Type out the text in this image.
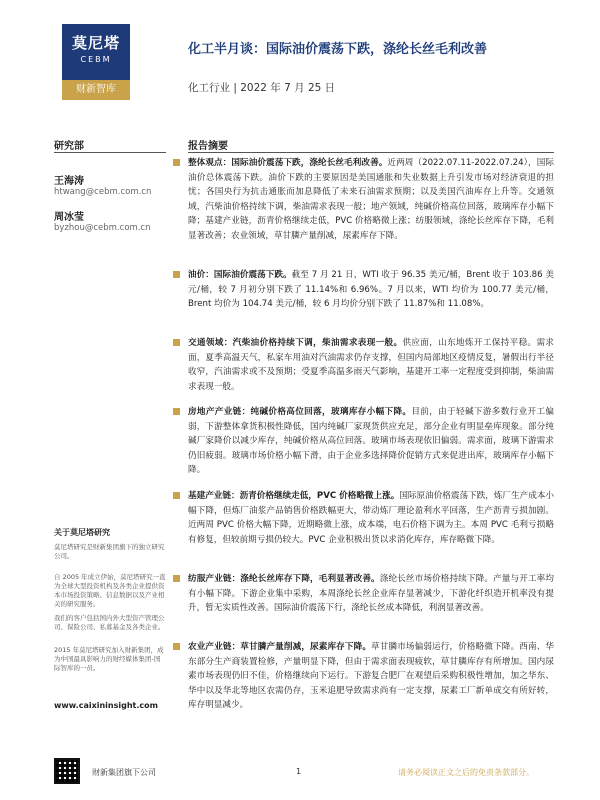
莫尼塔
CEBM
财新智库
化工半月谈：国际油价震荡下跌，涤纶长丝毛利改善
化工行业 | 2022 年 7 月 25 日
研究部	报告摘要
王海涛
htwang@cebm.com.cn
周冰莹
byzhou@cebm.com.cn
关于莫尼塔研究
莫尼塔研究是财新集团旗下的独立研究公司。
自 2005 年成立伊始，莫尼塔研究一直为全球大型投资机构及各类企业提供资本市场投资策略、信息数据以及产业相关的研究服务。
我们的客户包括国内外大型资产管理公司、保险公司、私募基金及各类企业。
2015 年莫尼塔研究加入财新集团，成为中国最具影响力的财经媒体集团-国际智库的一员。
www.caixininsight.com
整体观点：国际油价震荡下跌，涤纶长丝毛利改善。近两周（2022.07.11-2022.07.24），国际油价总体震荡下跌。油价下跌的主要原因是美国通胀和失业数据上升引发市场对经济衰退的担忧；各国央行为抗击通胀而加息降低了未来石油需求预期；以及美国汽油库存上升等。交通领域，汽柴油价格持续下调，柴油需求表现一般；地产领域，纯碱价格高位回落，玻璃库存小幅下降；基建产业链，沥青价格继续走低，PVC 价格略微上涨；纺服领域，涤纶长丝库存下降，毛利显著改善；农业领域，草甘膦产量削减，尿素库存下降。
油价：国际油价震荡下跌。截至 7 月 21 日，WTI 收于 96.35 美元/桶，Brent 收于 103.86 美元/桶，较 7 月初分别下跌了 11.14%和 6.96%。7 月以来，WTI 均价为 100.77 美元/桶，Brent 均价为 104.74 美元/桶，较 6 月均价分别下跌了 11.87%和 11.08%。
交通领域：汽柴油价格持续下调，柴油需求表现一般。供应面，山东地炼开工保持平稳。需求面，夏季高温天气，私家车用油对汽油需求仍存支撑，但国内局部地区疫情反复，暑假出行半径收窄，汽油需求或不及预期；受夏季高温多雨天气影响，基建开工率一定程度受到抑制，柴油需求表现一般。
房地产产业链：纯碱价格高位回落，玻璃库存小幅下降。目前，由于轻碱下游多数行业开工偏弱，下游整体拿货积极性降低，国内纯碱厂家现货供应充足，部分企业有明显垒库现象。部分纯碱厂家降价以减少库存，纯碱价格从高位回落。玻璃市场表现依旧偏弱。需求面，玻璃下游需求仍旧疲弱。玻璃市场价格小幅下滑，由于企业多选择降价促销方式来促进出库，玻璃库存小幅下降。
基建产业链：沥青价格继续走低，PVC 价格略微上涨。国际原油价格震荡下跌，炼厂生产成本小幅下降，但炼厂油浆产品销售价格跌幅更大，带动炼厂理论盈利水平回落，生产沥青亏损加剧。近两周 PVC 价格大幅下降，近期略微上涨，成本端，电石价格下调为主。本周 PVC 毛利亏损略有修复，但较前期亏损仍较大。PVC 企业积极出货以求消化库存，库存略微下降。
纺服产业链：涤纶长丝库存下降，毛利显著改善。涤纶长丝市场价格持续下降。产量与开工率均有小幅下降。下游企业集中采购，本周涤纶长丝企业库存显著减少，下游化纤织造开机率没有提升，暂无实质性改善。国际油价震荡下行，涤纶长丝成本降低，利润显著改善。
农业产业链：草甘膦产量削减，尿素库存下降。草甘膦市场偏弱运行，价格略微下降。西南、华东部分生产商装置检修，产量明显下降，但由于需求面表现疲软，草甘膦库存有所增加。国内尿素市场表现仍旧不佳，价格继续向下运行。下游复合肥厂在观望后采购积极性增加，加之华东、华中以及华北等地区农需仍存，玉米追肥导致需求尚有一定支撑，尿素工厂新单成交有所好转，库存明显减少。
财新集团旗下公司	1	请务必阅读正文之后的免责条款部分。
